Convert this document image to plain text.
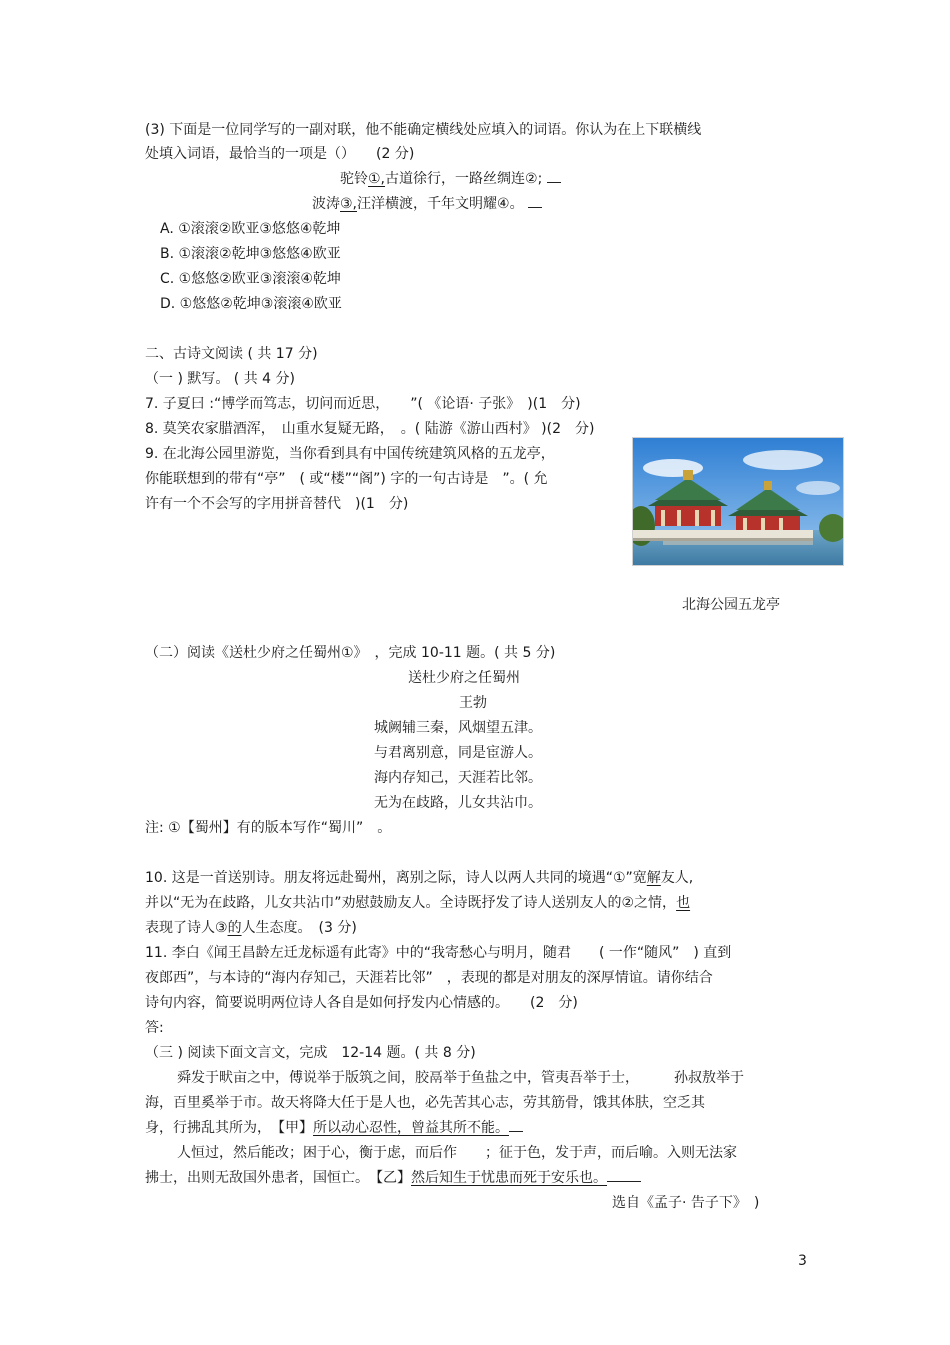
(3) 下面是一位同学写的一副对联，他不能确定横线处应填入的词语。你认为在上下联横线
处填入词语，最恰当的一项是（）　　(2 分)
驼铃①,古道徐行，一路丝绸连②;
波涛③,汪洋横渡，千年文明耀④。
A. ①滚滚②欧亚③悠悠④乾坤
B. ①滚滚②乾坤③悠悠④欧亚
C. ①悠悠②欧亚③滚滚④乾坤
D. ①悠悠②乾坤③滚滚④欧亚
二、古诗文阅读 ( 共 17 分)
（一 ) 默写。 ( 共 4 分)
7. 子夏曰 :“博学而笃志，切问而近思，　　”( 《论语· 子张》　)(1　分)
8. 莫笑农家腊酒浑，　山重水复疑无路，　。( 陆游《游山西村》 )(2　分)
9. 在北海公园里游览，当你看到具有中国传统建筑风格的五龙亭，
你能联想到的带有“亭”　( 或“楼”“阁”) 字的一句古诗是　”。( 允
许有一个不会写的字用拼音替代　)(1　分)
北海公园五龙亭
（二）阅读《送杜少府之任蜀州①》　，完成 10-11 题。( 共 5 分)
送杜少府之任蜀州
王勃
城阙辅三秦，风烟望五津。
与君离别意，同是宦游人。
海内存知己，天涯若比邻。
无为在歧路，儿女共沾巾。
注: ①【蜀州】有的版本写作“蜀川”　。
10. 这是一首送别诗。朋友将远赴蜀州，离别之际，诗人以两人共同的境遇“①”宽解友人,
并以“无为在歧路，儿女共沾巾”劝慰鼓励友人。全诗既抒发了诗人送别友人的②之情，也
表现了诗人③的人生态度。　(3 分)
11. 李白《闻王昌龄左迁龙标遥有此寄》中的“我寄愁心与明月，随君　　( 一作“随风”　) 直到
夜郎西”，与本诗的“海内存知己，天涯若比邻”　，表现的都是对朋友的深厚情谊。请你结合
诗句内容，简要说明两位诗人各自是如何抒发内心情感的。　　(2　分)
答:
（三 ) 阅读下面文言文，完成　12-14 题。( 共 8 分)
舜发于畎亩之中，傅说举于版筑之间，胶鬲举于鱼盐之中，管夷吾举于士，　　　孙叔敖举于
海，百里奚举于市。故天将降大任于是人也，必先苦其心志，劳其筋骨，饿其体肤，空乏其
身，行拂乱其所为，　【甲】所以动心忍性，曾益其所不能。
人恒过，然后能改；困于心，衡于虑，而后作　　；征于色，发于声，而后喻。入则无法家
拂士，出则无敌国外患者，国恒亡。　【乙】然后知生于忧患而死于安乐也。
选自《孟子· 告子下》　)
3
